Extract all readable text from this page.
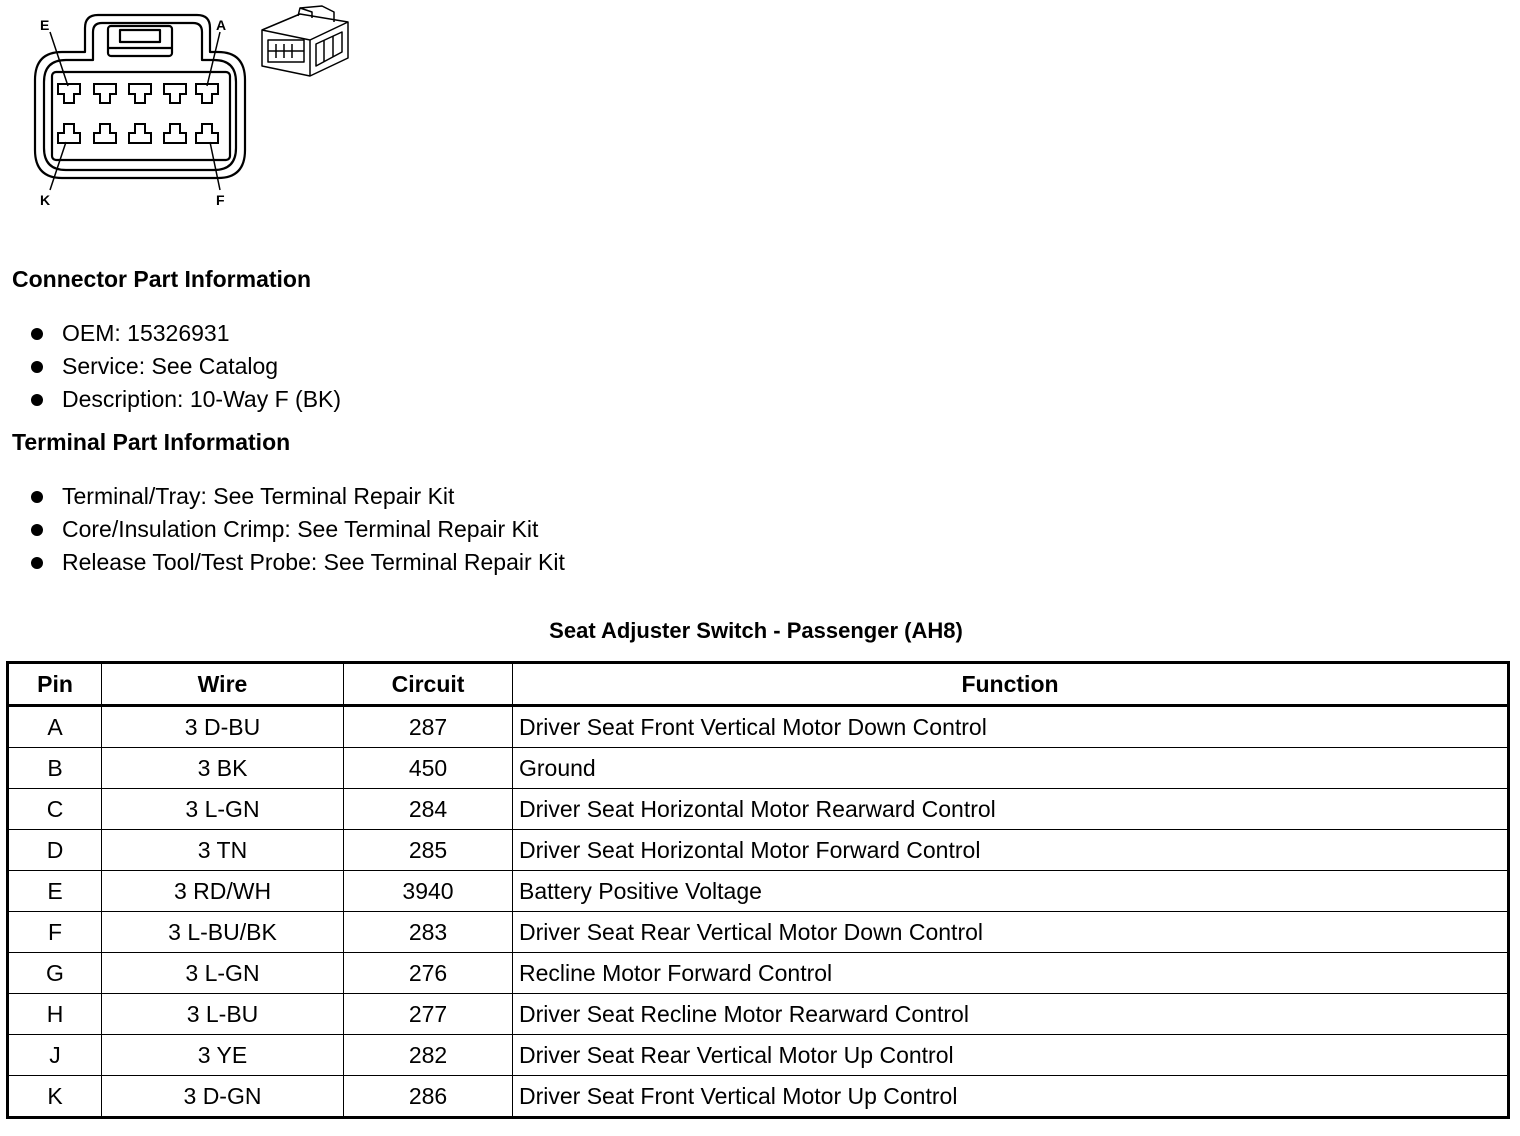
E	A
K	F
Connector Part Information
OEM: 15326931
Service: See Catalog
Description: 10-Way F (BK)
Terminal Part Information
Terminal/Tray: See Terminal Repair Kit
Core/Insulation Crimp: See Terminal Repair Kit
Release Tool/Test Probe: See Terminal Repair Kit
Seat Adjuster Switch - Passenger (AH8)
Pin	Wire	Circuit	Function
A	3 D-BU	287	Driver Seat Front Vertical Motor Down Control
B	3 BK	450	Ground
C	3 L-GN	284	Driver Seat Horizontal Motor Rearward Control
D	3 TN	285	Driver Seat Horizontal Motor Forward Control
E	3 RD/WH	3940	Battery Positive Voltage
F	3 L-BU/BK	283	Driver Seat Rear Vertical Motor Down Control
G	3 L-GN	276	Recline Motor Forward Control
H	3 L-BU	277	Driver Seat Recline Motor Rearward Control
J	3 YE	282	Driver Seat Rear Vertical Motor Up Control
K	3 D-GN	286	Driver Seat Front Vertical Motor Up Control
